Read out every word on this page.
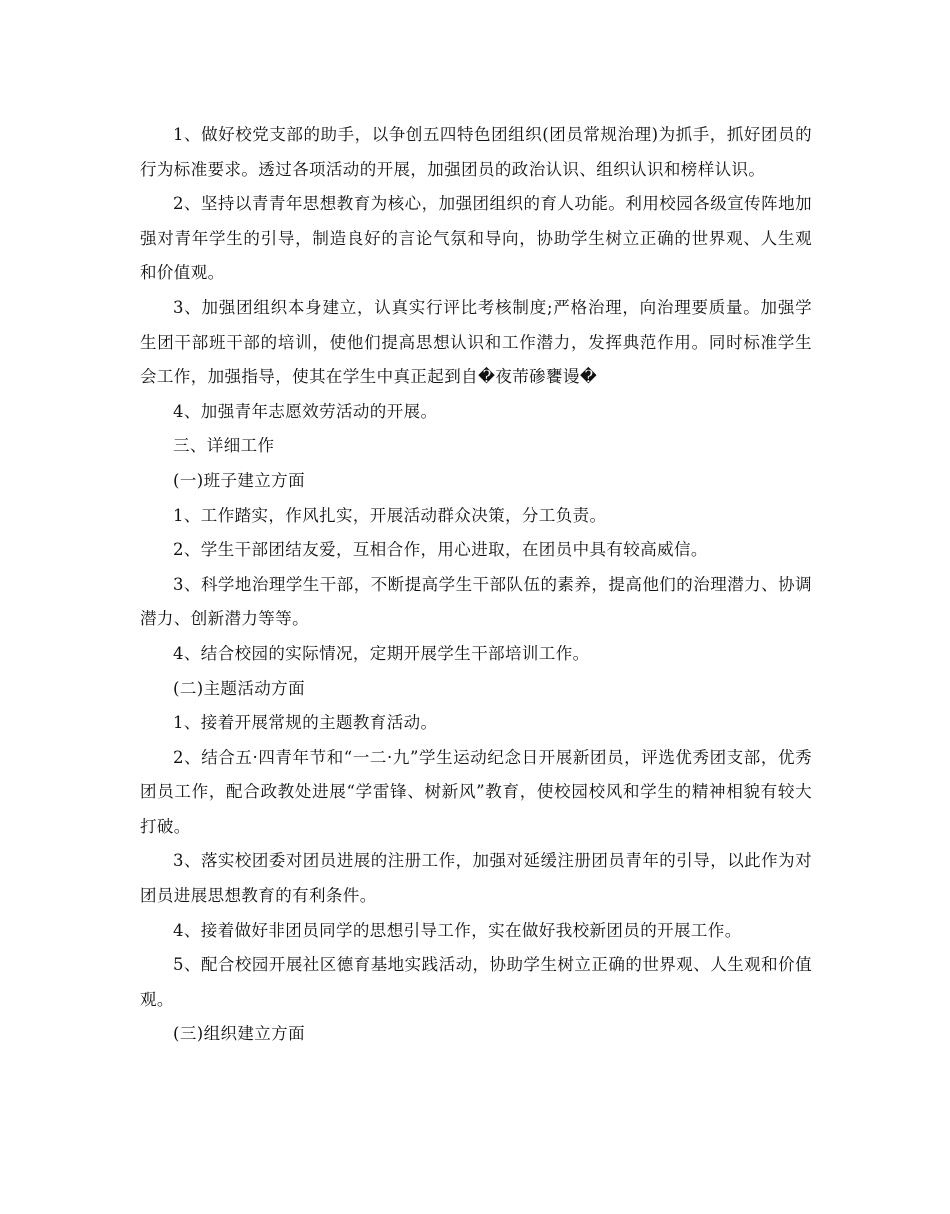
1、做好校党支部的助手，以争创五四特色团组织(团员常规治理)为抓手，抓好团员的行为标准要求。透过各项活动的开展，加强团员的政治认识、组织认识和榜样认识。

2、坚持以青青年思想教育为核心，加强团组织的育人功能。利用校园各级宣传阵地加强对青年学生的引导，制造良好的言论气氛和导向，协助学生树立正确的世界观、人生观和价值观。

3、加强团组织本身建立，认真实行评比考核制度;严格治理，向治理要质量。加强学生团干部班干部的培训，使他们提高思想认识和工作潜力，发挥典范作用。同时标准学生会工作，加强指导，使其在学生中真正起到自�夜芾碜饔谩�

4、加强青年志愿效劳活动的开展。

三、详细工作

(一)班子建立方面

1、工作踏实，作风扎实，开展活动群众决策，分工负责。

2、学生干部团结友爱，互相合作，用心进取，在团员中具有较高威信。

3、科学地治理学生干部，不断提高学生干部队伍的素养，提高他们的治理潜力、协调潜力、创新潜力等等。

4、结合校园的实际情况，定期开展学生干部培训工作。

(二)主题活动方面

1、接着开展常规的主题教育活动。

2、结合五·四青年节和“一二·九”学生运动纪念日开展新团员，评选优秀团支部，优秀团员工作，配合政教处进展“学雷锋、树新风”教育，使校园校风和学生的精神相貌有较大打破。

3、落实校团委对团员进展的注册工作，加强对延缓注册团员青年的引导，以此作为对团员进展思想教育的有利条件。

4、接着做好非团员同学的思想引导工作，实在做好我校新团员的开展工作。

5、配合校园开展社区德育基地实践活动，协助学生树立正确的世界观、人生观和价值观。

(三)组织建立方面
